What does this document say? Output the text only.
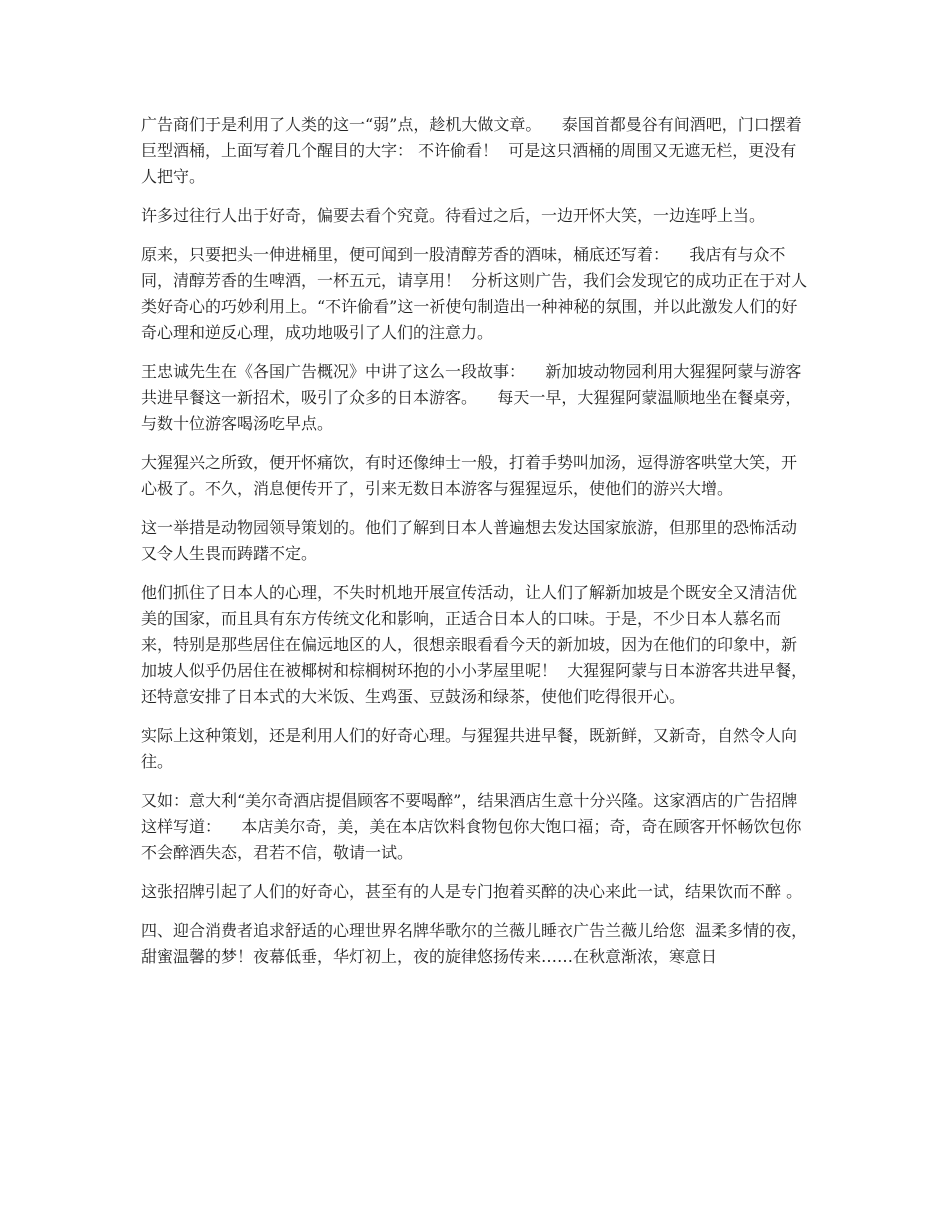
广告商们于是利用了人类的这一“弱”点，趁机大做文章。    泰国首都曼谷有间酒吧，门口摆着巨型酒桶，上面写着几个醒目的大字： 不许偷看！  可是这只酒桶的周围又无遮无栏，更没有人把守。

许多过往行人出于好奇，偏要去看个究竟。待看过之后，一边开怀大笑，一边连呼上当。

原来，只要把头一伸进桶里，便可闻到一股清醇芳香的酒味，桶底还写着：    我店有与众不同，清醇芳香的生啤酒，一杯五元，请享用！  分析这则广告，我们会发现它的成功正在于对人类好奇心的巧妙利用上。“不许偷看”这一祈使句制造出一种神秘的氛围，并以此激发人们的好奇心理和逆反心理，成功地吸引了人们的注意力。

王忠诚先生在《各国广告概况》中讲了这么一段故事：    新加坡动物园利用大猩猩阿蒙与游客共进早餐这一新招术，吸引了众多的日本游客。    每天一早，大猩猩阿蒙温顺地坐在餐桌旁，与数十位游客喝汤吃早点。

大猩猩兴之所致，便开怀痛饮，有时还像绅士一般，打着手势叫加汤，逗得游客哄堂大笑，开心极了。不久，消息便传开了，引来无数日本游客与猩猩逗乐，使他们的游兴大增。

这一举措是动物园领导策划的。他们了解到日本人普遍想去发达国家旅游，但那里的恐怖活动又令人生畏而踌躇不定。

他们抓住了日本人的心理，不失时机地开展宣传活动，让人们了解新加坡是个既安全又清洁优美的国家，而且具有东方传统文化和影响，正适合日本人的口味。于是，不少日本人慕名而来，特别是那些居住在偏远地区的人，很想亲眼看看今天的新加坡，因为在他们的印象中，新加坡人似乎仍居住在被椰树和棕榈树环抱的小小茅屋里呢！  大猩猩阿蒙与日本游客共进早餐，还特意安排了日本式的大米饭、生鸡蛋、豆鼓汤和绿茶，使他们吃得很开心。

实际上这种策划，还是利用人们的好奇心理。与猩猩共进早餐，既新鲜，又新奇，自然令人向往。

又如：意大利“美尔奇酒店提倡顾客不要喝醉”，结果酒店生意十分兴隆。这家酒店的广告招牌这样写道：    本店美尔奇，美，美在本店饮料食物包你大饱口福；奇，奇在顾客开怀畅饮包你不会醉酒失态，君若不信，敬请一试。

这张招牌引起了人们的好奇心，甚至有的人是专门抱着买醉的决心来此一试，结果饮而不醉 。

四、迎合消费者追求舒适的心理世界名牌华歌尔的兰薇儿睡衣广告兰薇儿给您  温柔多情的夜，甜蜜温馨的梦！夜幕低垂，华灯初上，夜的旋律悠扬传来……在秋意渐浓，寒意日
